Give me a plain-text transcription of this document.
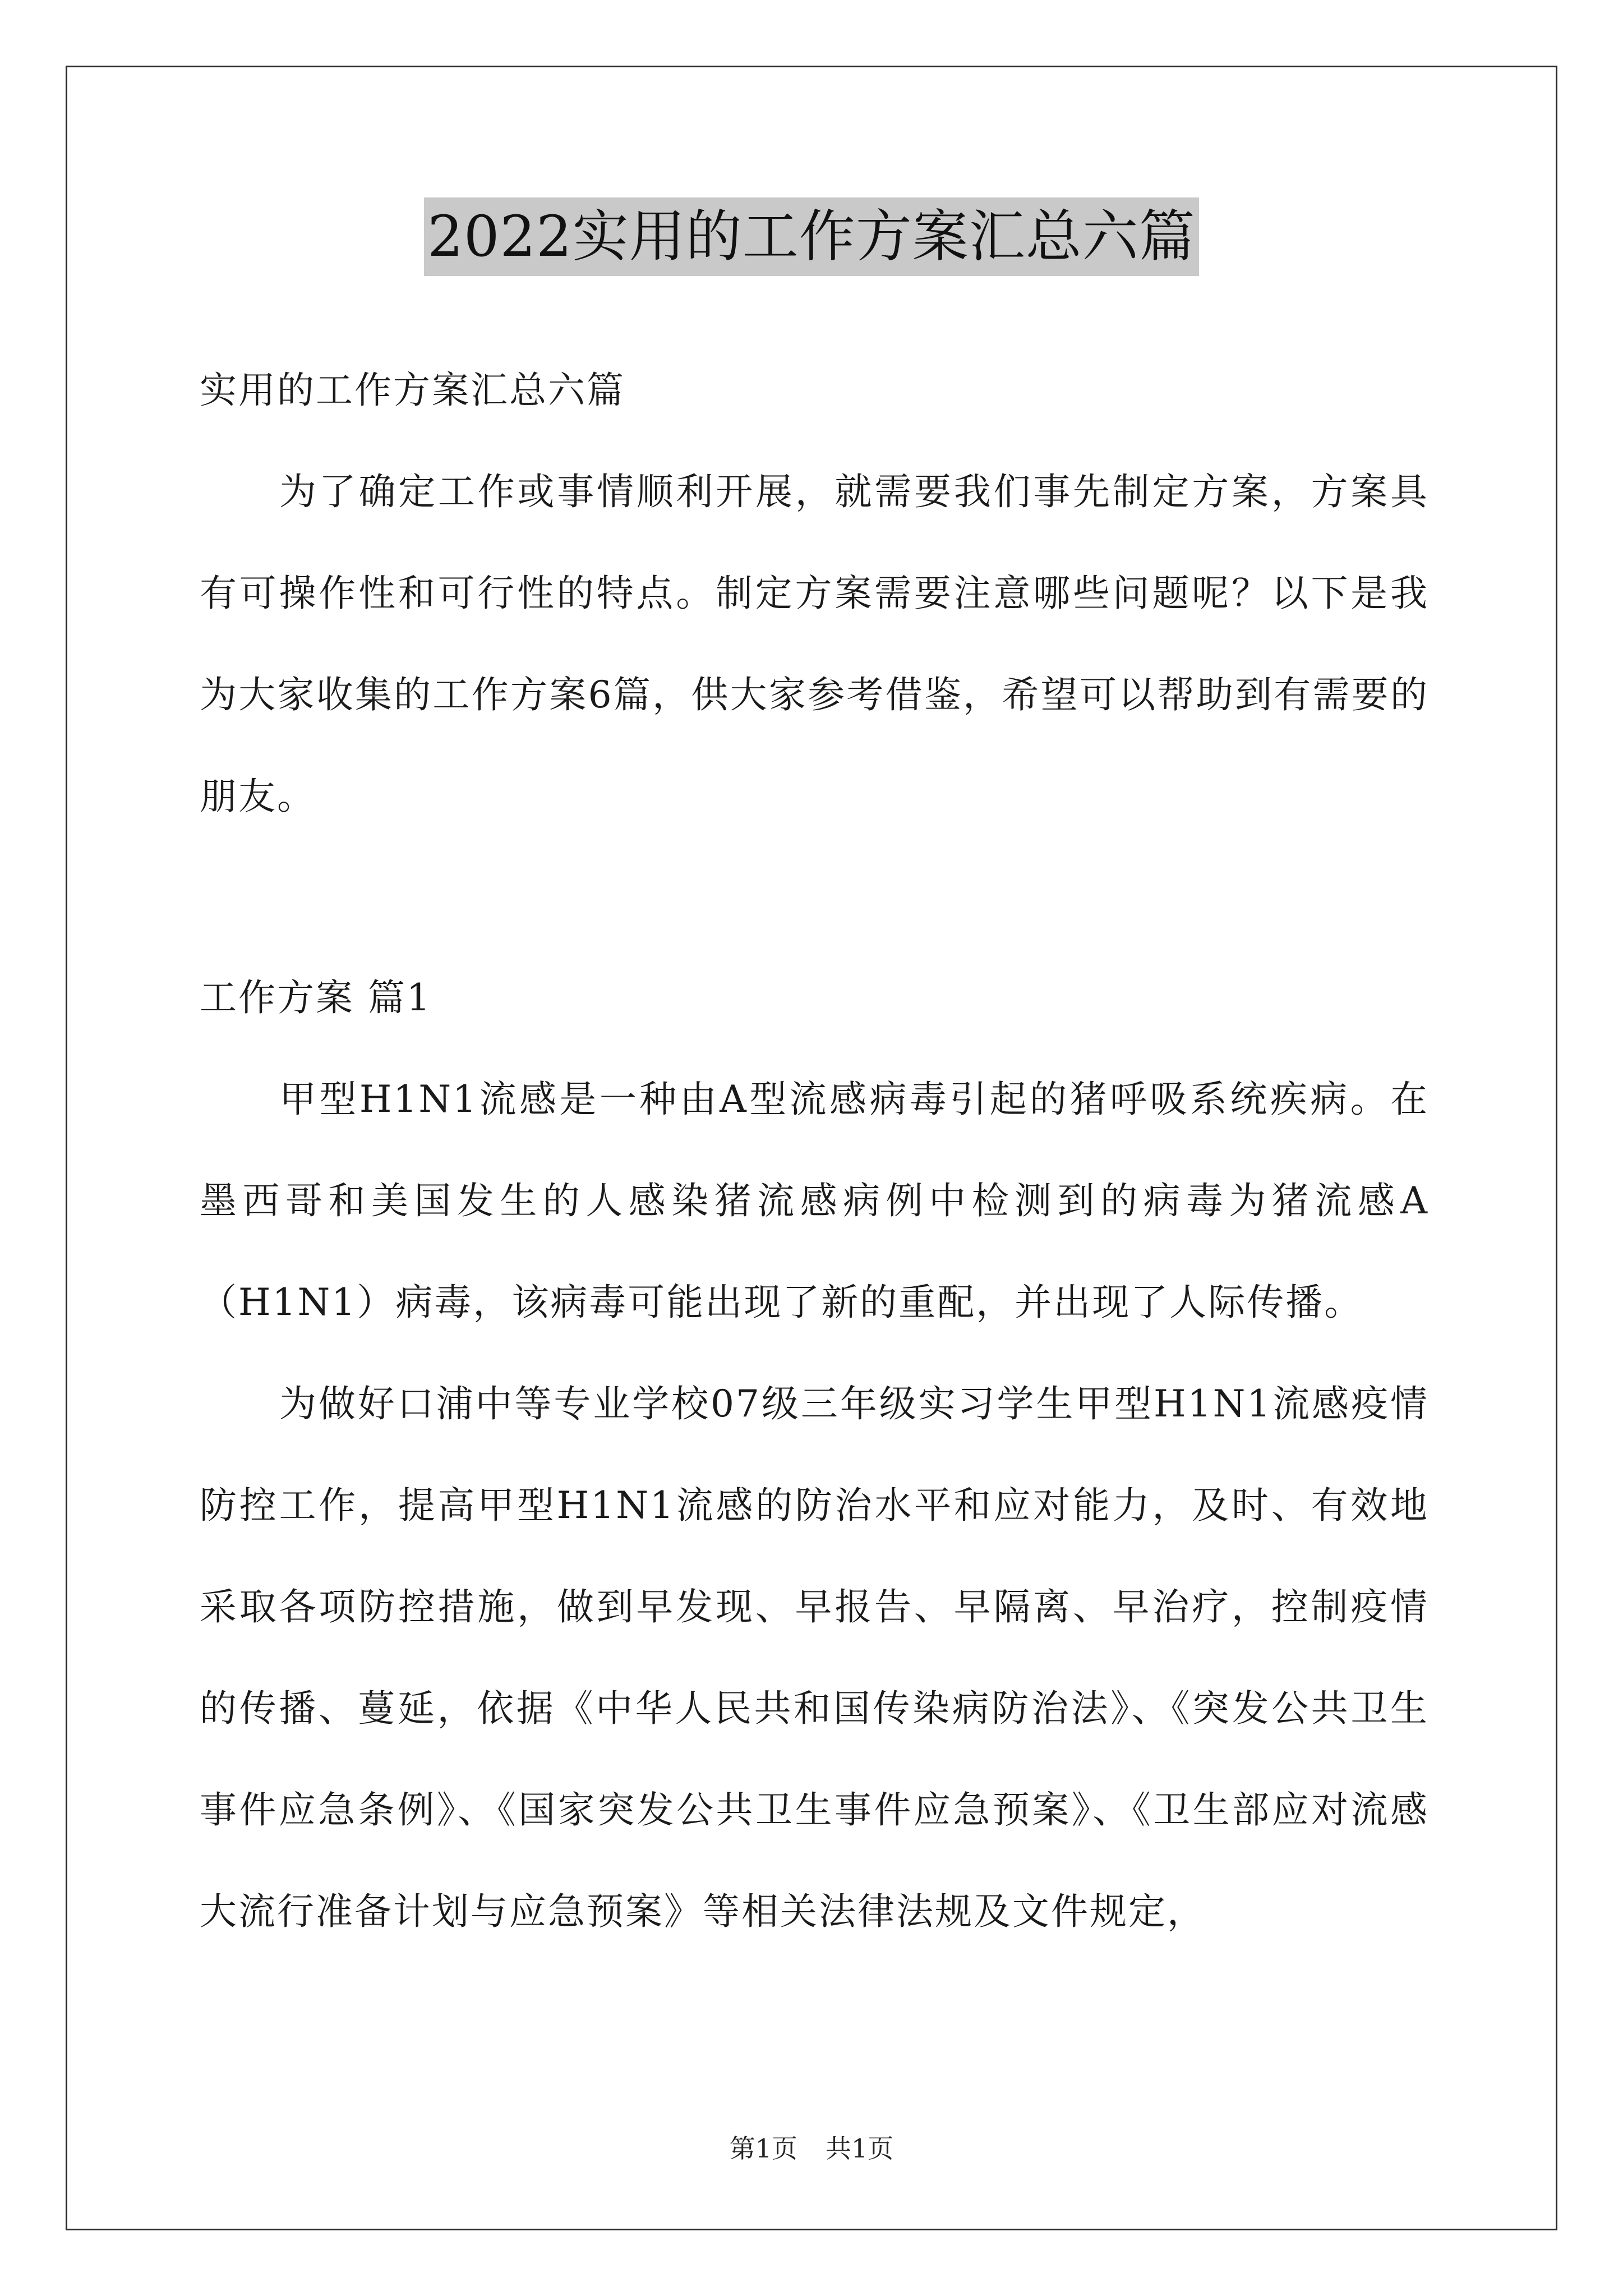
2022实用的工作方案汇总六篇

实用的工作方案汇总六篇

为了确定工作或事情顺利开展，就需要我们事先制定方案，方案具有可操作性和可行性的特点。制定方案需要注意哪些问题呢？以下是我为大家收集的工作方案6篇，供大家参考借鉴，希望可以帮助到有需要的朋友。

工作方案 篇1

甲型H1N1流感是一种由A型流感病毒引起的猪呼吸系统疾病。在墨西哥和美国发生的人感染猪流感病例中检测到的病毒为猪流感A（H1N1）病毒，该病毒可能出现了新的重配，并出现了人际传播。

为做好口浦中等专业学校07级三年级实习学生甲型H1N1流感疫情防控工作，提高甲型H1N1流感的防治水平和应对能力，及时、有效地采取各项防控措施，做到早发现、早报告、早隔离、早治疗，控制疫情的传播、蔓延，依据《中华人民共和国传染病防治法》、《突发公共卫生事件应急条例》、《国家突发公共卫生事件应急预案》、《卫生部应对流感大流行准备计划与应急预案》等相关法律法规及文件规定，

第1页 共1页
